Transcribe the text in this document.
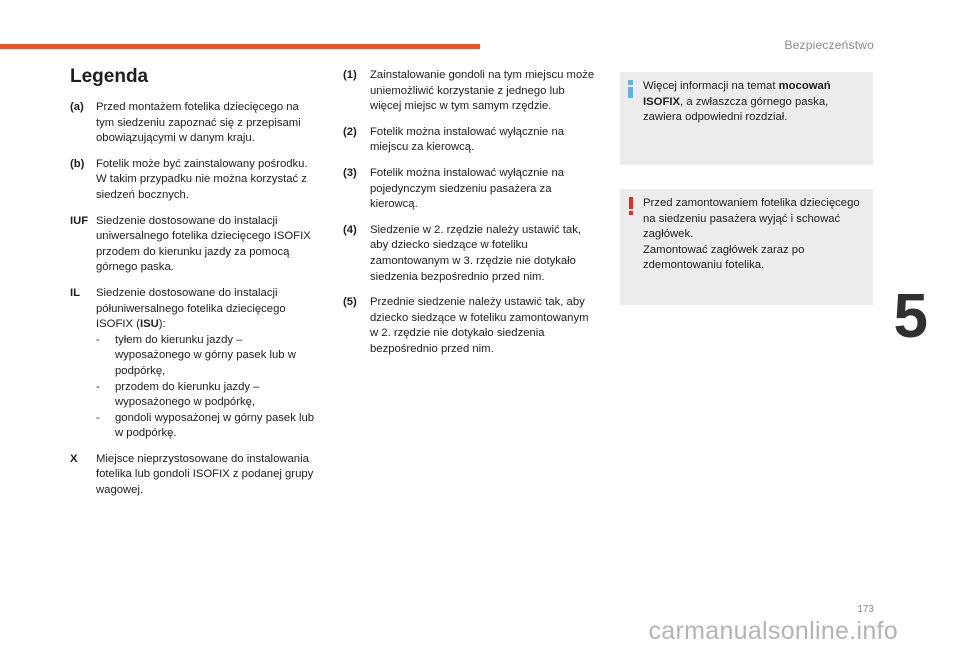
Bezpieczeństwo
5
Legenda
(a) Przed montażem fotelika dziecięcego na tym siedzeniu zapoznać się z przepisami obowiązującymi w danym kraju.
(b) Fotelik może być zainstalowany pośrodku. W takim przypadku nie można korzystać z siedzeń bocznych.
IUF Siedzenie dostosowane do instalacji uniwersalnego fotelika dziecięcego ISOFIX przodem do kierunku jazdy za pomocą górnego paska.
IL Siedzenie dostosowane do instalacji półuniwersalnego fotelika dziecięcego ISOFIX (ISU):
- tyłem do kierunku jazdy – wyposażonego w górny pasek lub w podpórkę,
- przodem do kierunku jazdy – wyposażonego w podpórkę,
- gondoli wyposażonej w górny pasek lub w podpórkę.
X Miejsce nieprzystosowane do instalowania fotelika lub gondoli ISOFIX z podanej grupy wagowej.
(1) Zainstalowanie gondoli na tym miejscu może uniemożliwić korzystanie z jednego lub więcej miejsc w tym samym rzędzie.
(2) Fotelik można instalować wyłącznie na miejscu za kierowcą.
(3) Fotelik można instalować wyłącznie na pojedynczym siedzeniu pasażera za kierowcą.
(4) Siedzenie w 2. rzędzie należy ustawić tak, aby dziecko siedzące w foteliku zamontowanym w 3. rzędzie nie dotykało siedzenia bezpośrednio przed nim.
(5) Przednie siedzenie należy ustawić tak, aby dziecko siedzące w foteliku zamontowanym w 2. rzędzie nie dotykało siedzenia bezpośrednio przed nim.

Więcej informacji na temat mocowań ISOFIX, a zwłaszcza górnego paska, zawiera odpowiedni rozdział.

Przed zamontowaniem fotelika dziecięcego na siedzeniu pasażera wyjąć i schować zagłówek.

Zamontować zagłówek zaraz po zdemontowaniu fotelika.

173
carmanualsonline.info
